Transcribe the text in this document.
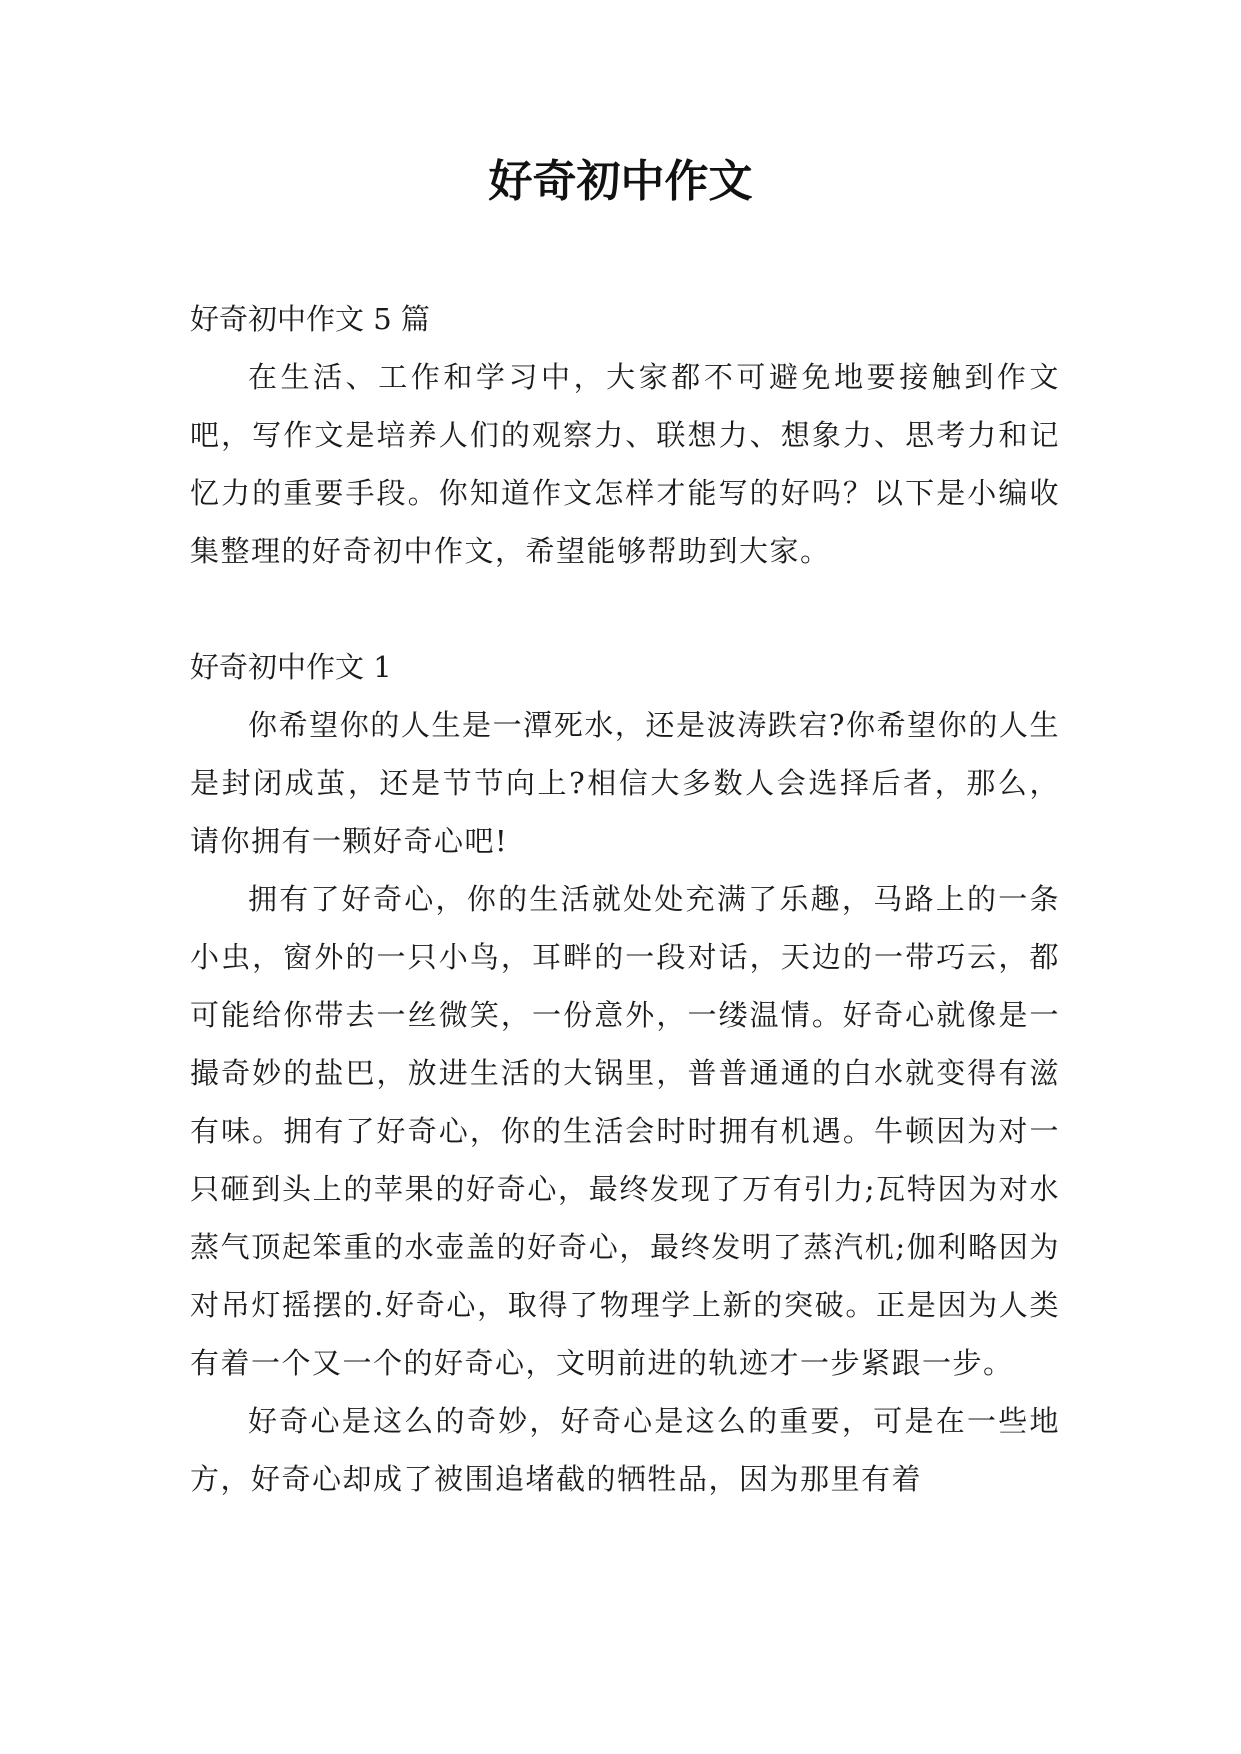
好奇初中作文

好奇初中作文 5 篇

在生活、工作和学习中，大家都不可避免地要接触到作文吧，写作文是培养人们的观察力、联想力、想象力、思考力和记忆力的重要手段。你知道作文怎样才能写的好吗？以下是小编收集整理的好奇初中作文，希望能够帮助到大家。

好奇初中作文 1

你希望你的人生是一潭死水，还是波涛跌宕?你希望你的人生是封闭成茧，还是节节向上?相信大多数人会选择后者，那么，请你拥有一颗好奇心吧!

拥有了好奇心，你的生活就处处充满了乐趣，马路上的一条小虫，窗外的一只小鸟，耳畔的一段对话，天边的一带巧云，都可能给你带去一丝微笑，一份意外，一缕温情。好奇心就像是一撮奇妙的盐巴，放进生活的大锅里，普普通通的白水就变得有滋有味。拥有了好奇心，你的生活会时时拥有机遇。牛顿因为对一只砸到头上的苹果的好奇心，最终发现了万有引力;瓦特因为对水蒸气顶起笨重的水壶盖的好奇心，最终发明了蒸汽机;伽利略因为对吊灯摇摆的.好奇心，取得了物理学上新的突破。正是因为人类有着一个又一个的好奇心，文明前进的轨迹才一步紧跟一步。

好奇心是这么的奇妙，好奇心是这么的重要，可是在一些地方，好奇心却成了被围追堵截的牺牲品，因为那里有着
